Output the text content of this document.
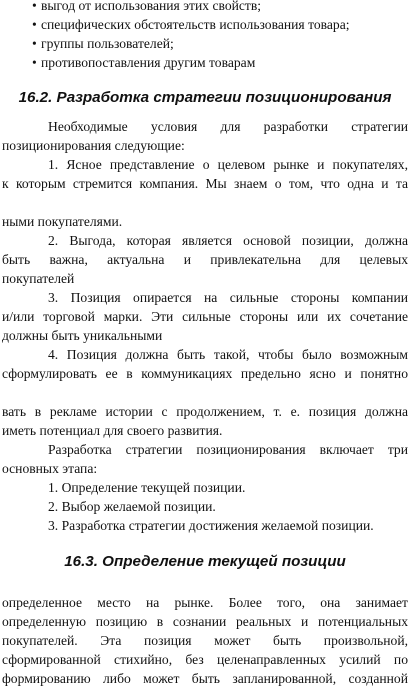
• выгод от использования этих свойств;
• специфических обстоятельств использования товара;
• группы пользователей;
• противопоставления другим товарам
16.2. Разработка стратегии позиционирования
Необходимые условия для разработки стратегии
позиционирования следующие:
1. Ясное представление о целевом рынке и покупателях,
к которым стремится компания. Мы знаем о том, что одна и та
ными покупателями.
2. Выгода, которая является основой позиции, должна
быть важна, актуальна и привлекательна для целевых
покупателей
3. Позиция опирается на сильные стороны компании
и/или торговой марки. Эти сильные стороны или их сочетание
должны быть уникальными
4. Позиция должна быть такой, чтобы было возможным
сформулировать ее в коммуникациях предельно ясно и понятно
вать в рекламе истории с продолжением, т. е. позиция должна
иметь потенциал для своего развития.
Разработка стратегии позиционирования включает три
основных этапа:
1. Определение текущей позиции.
2. Выбор желаемой позиции.
3. Разработка стратегии достижения желаемой позиции.
16.3. Определение текущей позиции
определенное место на рынке. Более того, она занимает
определенную позицию в сознании реальных и потенциальных
покупателей. Эта позиция может быть произвольной,
сформированной стихийно, без целенаправленных усилий по
формированию либо может быть запланированной, созданной
